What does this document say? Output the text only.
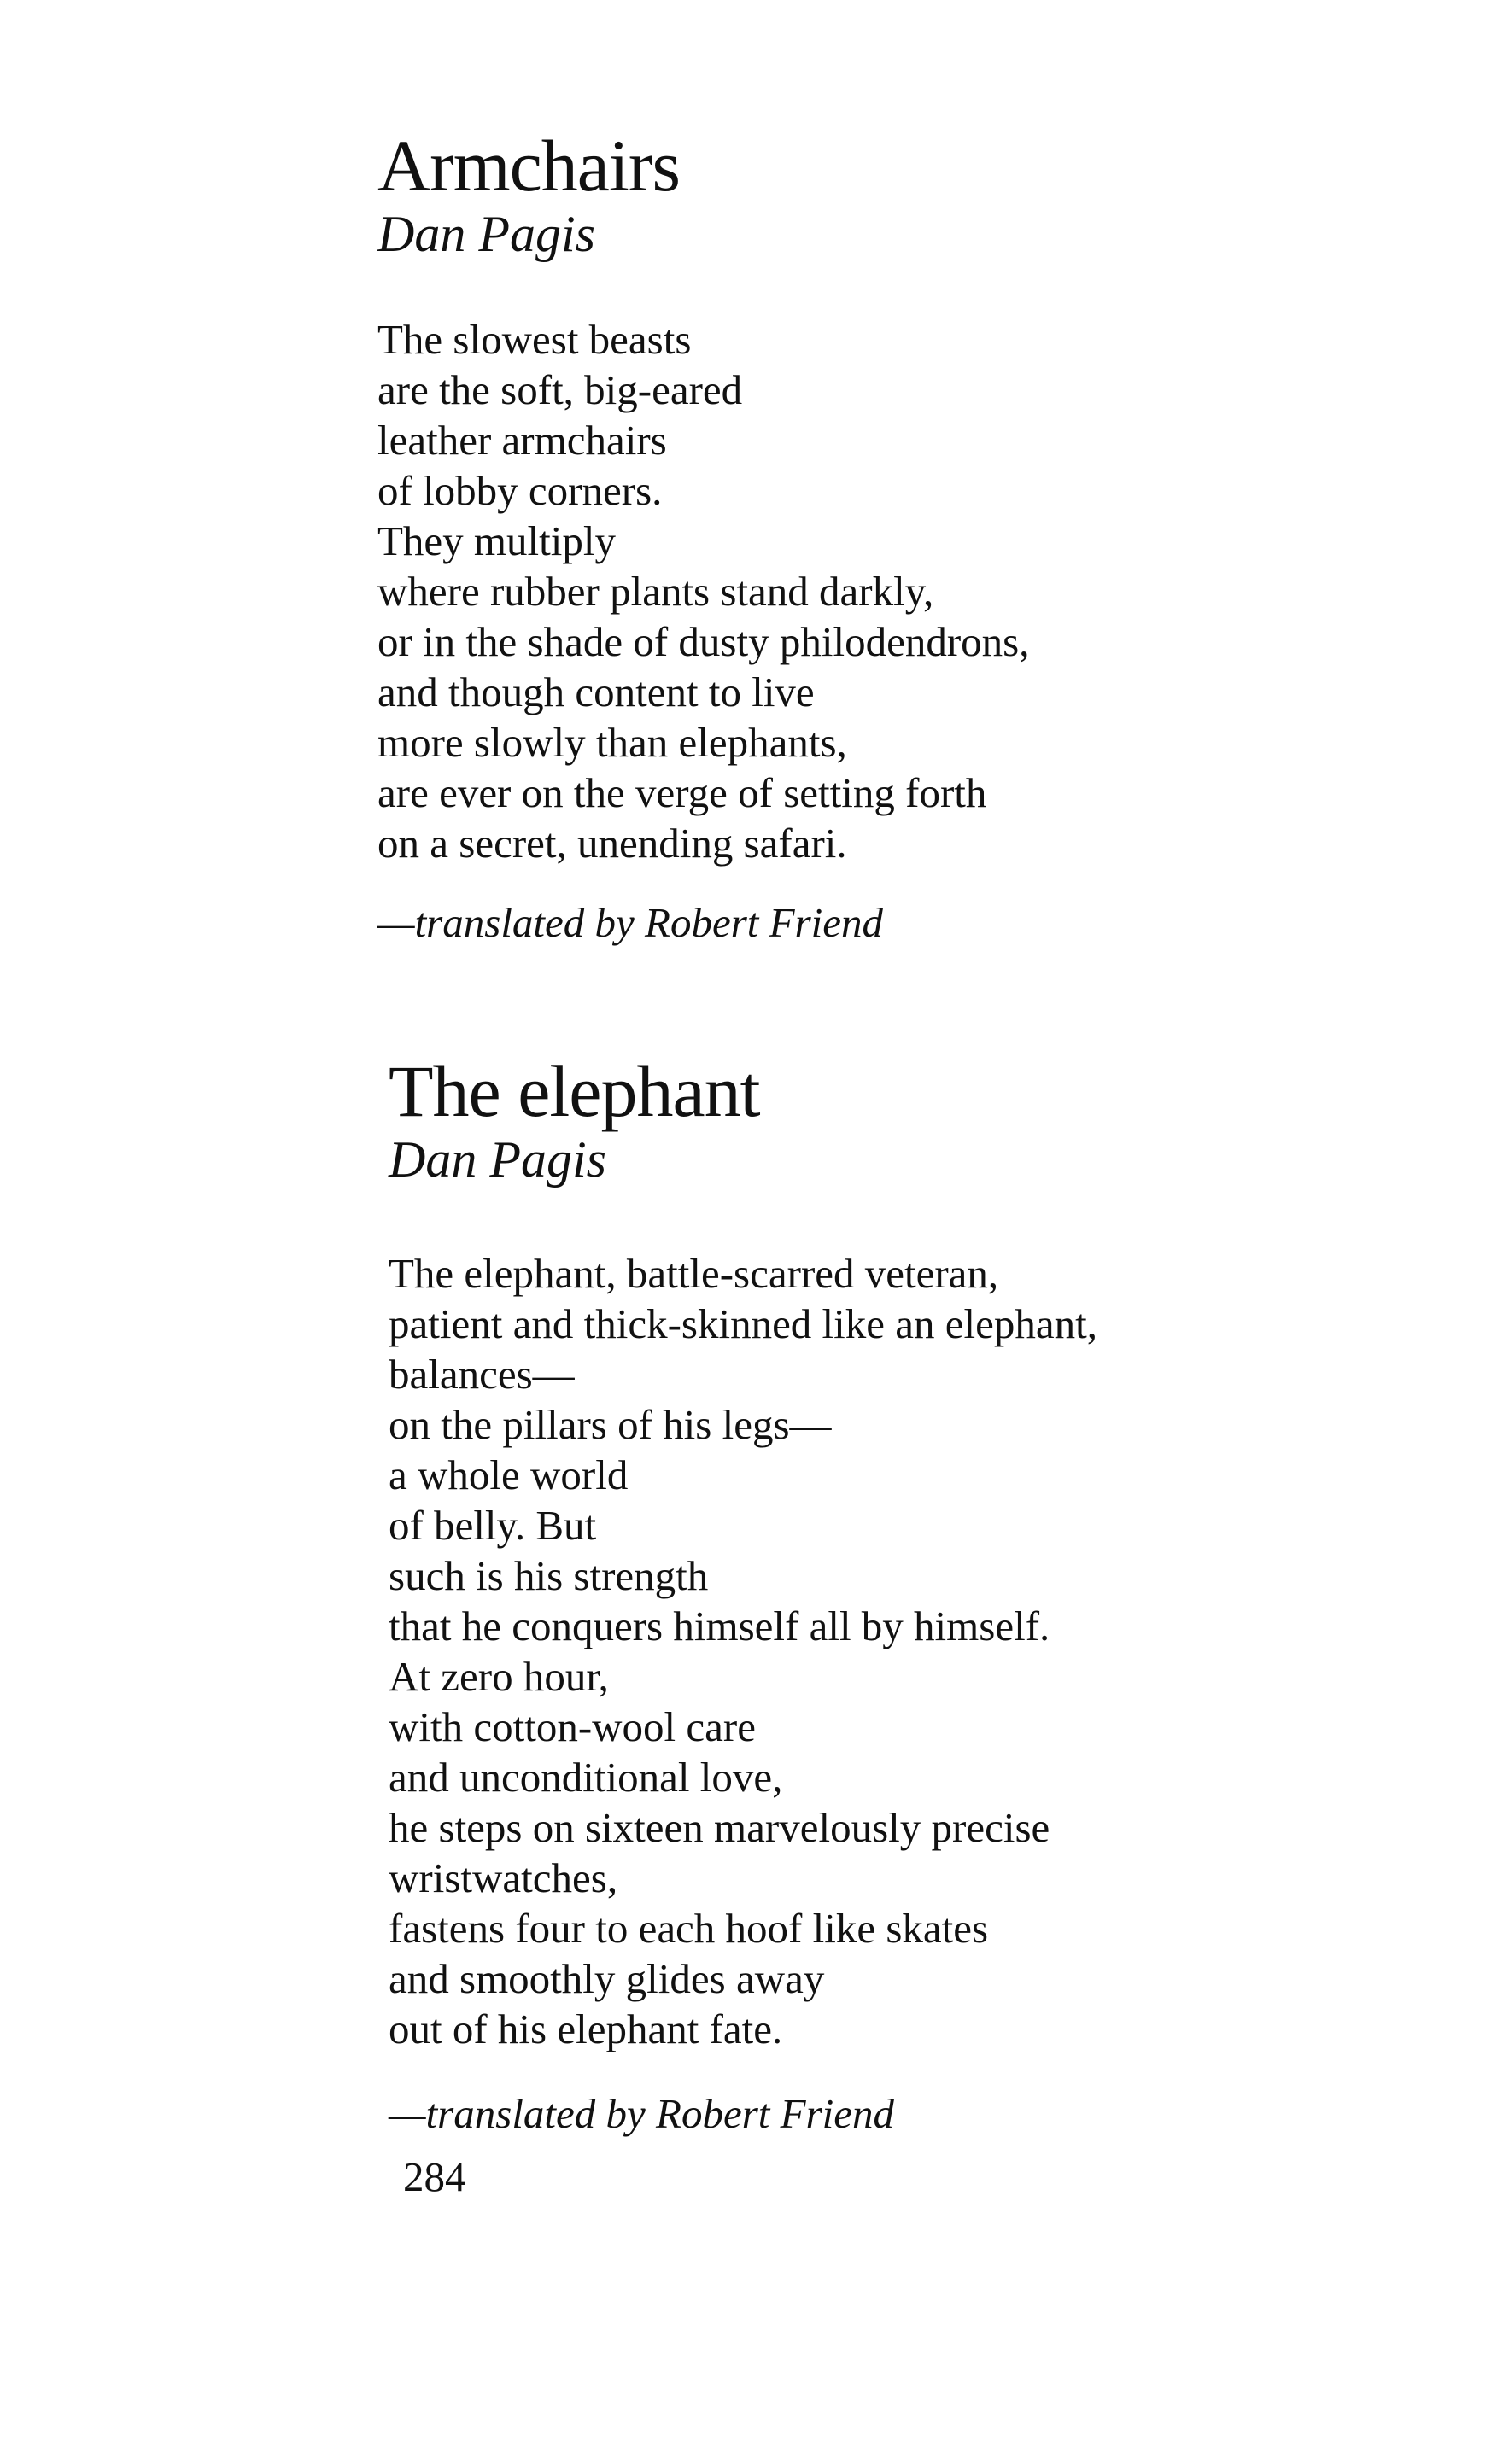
Armchairs
Dan Pagis
The slowest beasts
are the soft, big-eared
leather armchairs
of lobby corners.
They multiply
where rubber plants stand darkly,
or in the shade of dusty philodendrons,
and though content to live
more slowly than elephants,
are ever on the verge of setting forth
on a secret, unending safari.

—translated by Robert Friend

The elephant
Dan Pagis
The elephant, battle-scarred veteran,
patient and thick-skinned like an elephant,
balances—
on the pillars of his legs—
a whole world
of belly. But
such is his strength
that he conquers himself all by himself.
At zero hour,
with cotton-wool care
and unconditional love,
he steps on sixteen marvelously precise
wristwatches,
fastens four to each hoof like skates
and smoothly glides away
out of his elephant fate.

—translated by Robert Friend

284
